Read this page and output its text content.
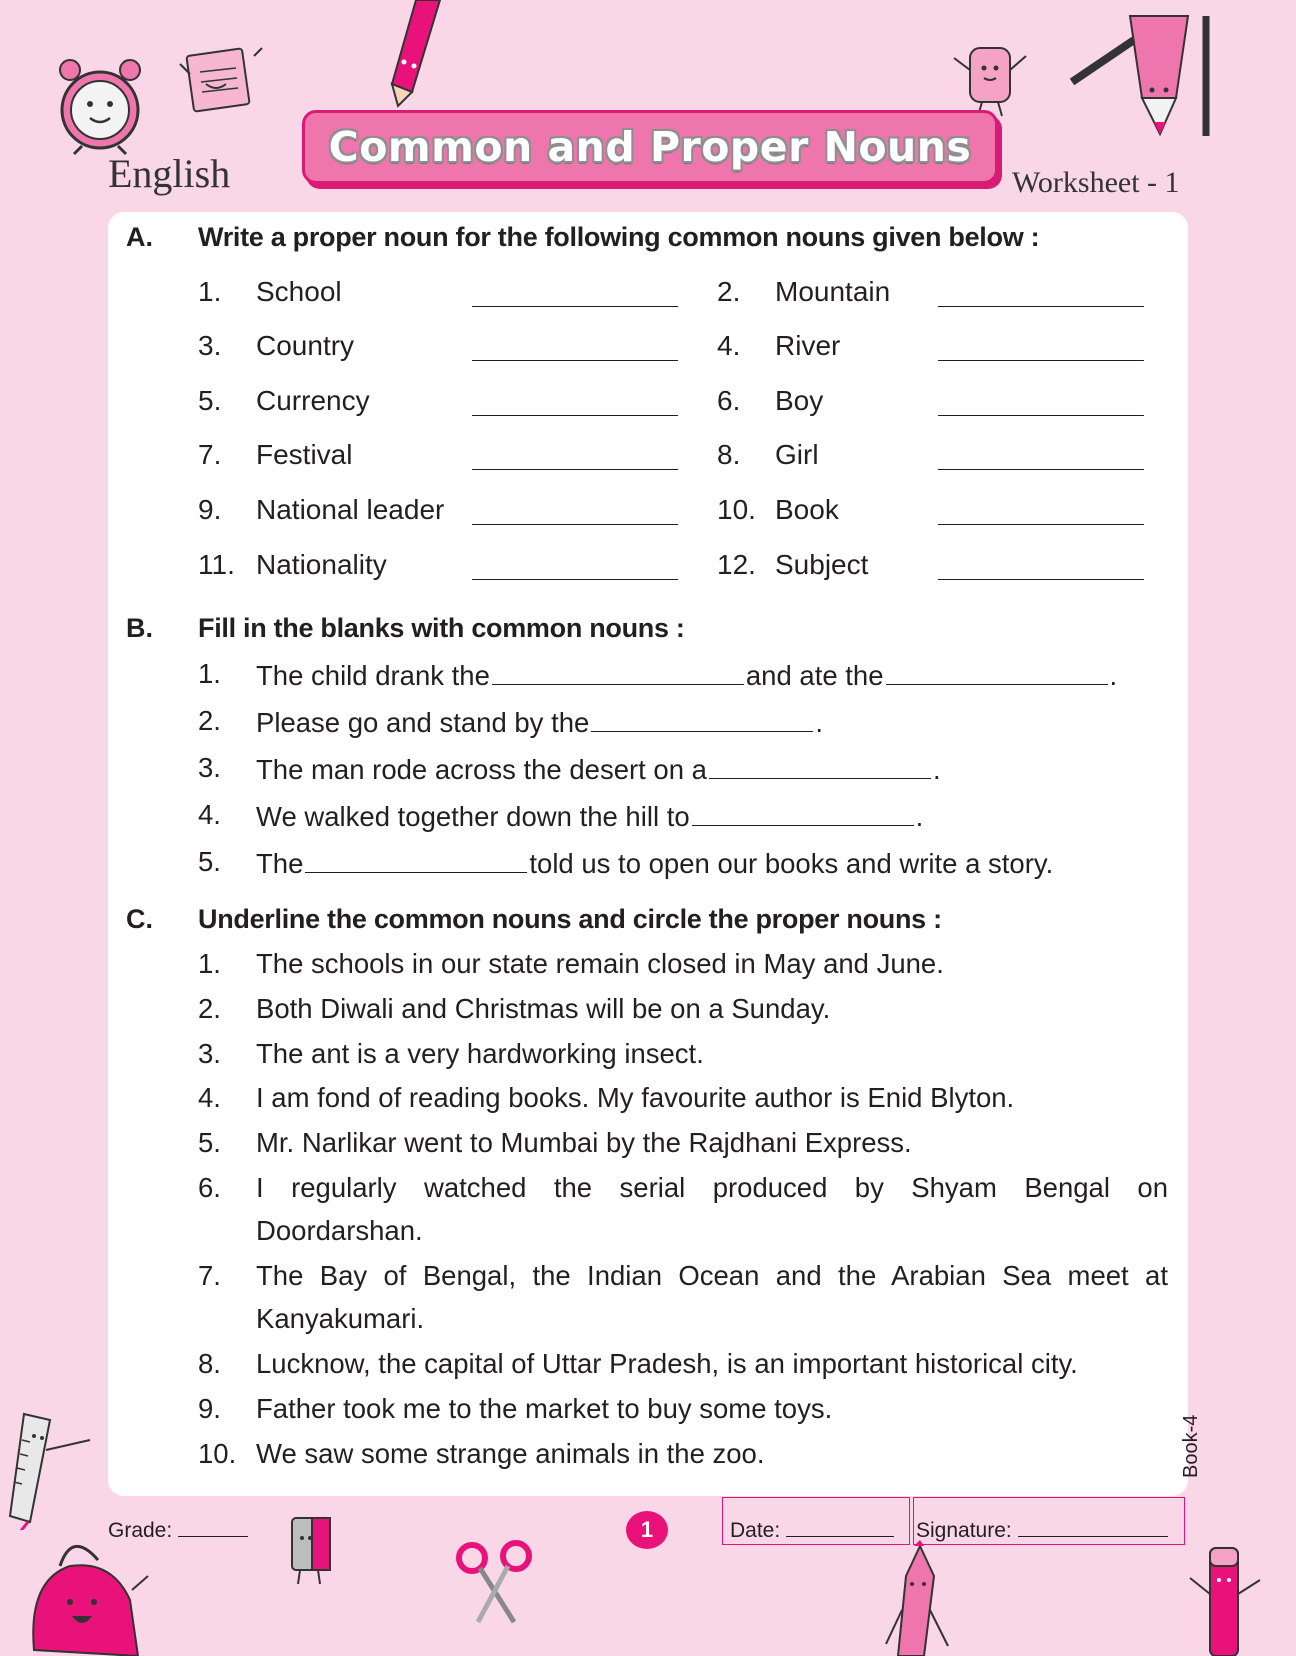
English
Common and Proper Nouns
Worksheet - 1
A. Write a proper noun for the following common nouns given below :
1. School	2. Mountain
3. Country	4. River
5. Currency	6. Boy
7. Festival	8. Girl
9. National leader	10. Book
11. Nationality	12. Subject
B. Fill in the blanks with common nouns :
1. The child drank the	and ate the	.
2. Please go and stand by the	.
3. The man rode across the desert on a	.
4. We walked together down the hill to	.
5. The	told us to open our books and write a story.
C. Underline the common nouns and circle the proper nouns :
1. The schools in our state remain closed in May and June.
2. Both Diwali and Christmas will be on a Sunday.
3. The ant is a very hardworking insect.
4. I am fond of reading books. My favourite author is Enid Blyton.
5. Mr. Narlikar went to Mumbai by the Rajdhani Express.
6. I regularly watched the serial produced by Shyam Bengal on
Doordarshan.
7. The Bay of Bengal, the Indian Ocean and the Arabian Sea meet at
Kanyakumari.
8. Lucknow, the capital of Uttar Pradesh, is an important historical city.
9. Father took me to the market to buy some toys.
10. We saw some strange animals in the zoo.	Book-4
Grade:	1	Date:	Signature:
